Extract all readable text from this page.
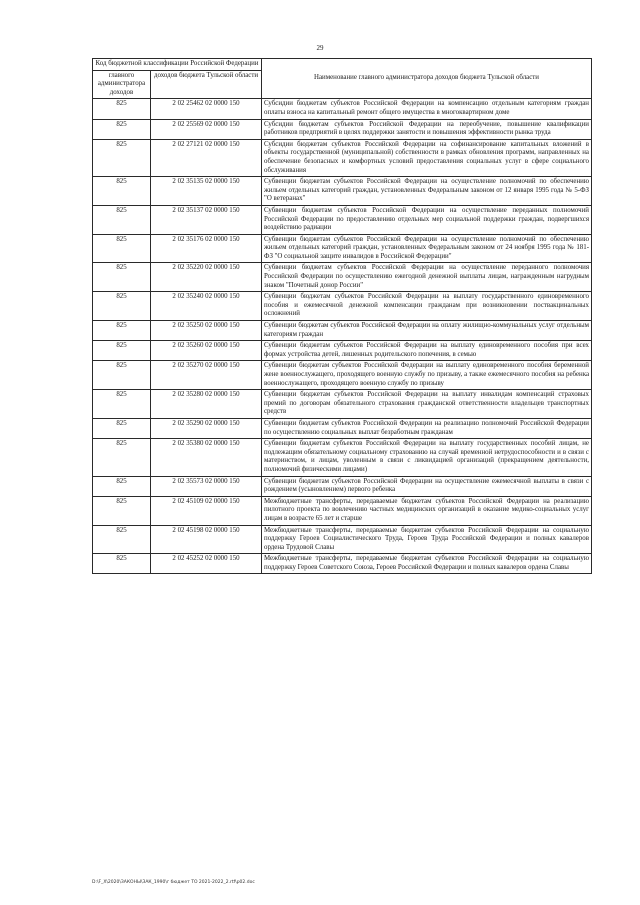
29
Код бюджетной классификации Российской Федерации		Наименование главного администратора доходов бюджета Тульской области
главного администратора доходов	доходов бюджета Тульской области	
825	2 02 25462 02 0000 150	Субсидии бюджетам субъектов Российской Федерации на компенсацию отдельным категориям граждан оплаты взноса на капитальный ремонт общего имущества в многоквартирном доме
825	2 02 25569 02 0000 150	Субсидии бюджетам субъектов Российской Федерации на переобучение, повышение квалификации работников предприятий в целях поддержки занятости и повышения эффективности рынка труда
825	2 02 27121 02 0000 150	Субсидии бюджетам субъектов Российской Федерации на софинансирование капитальных вложений в объекты государственной (муниципальной) собственности в рамках обновления программ, направленных на обеспечение безопасных и комфортных условий предоставления социальных услуг в сфере социального обслуживания
825	2 02 35135 02 0000 150	Субвенции бюджетам субъектов Российской Федерации на осуществление полномочий по обеспечению жильем отдельных категорий граждан, установленных Федеральным законом от 12 января 1995 года № 5-ФЗ "О ветеранах"
825	2 02 35137 02 0000 150	Субвенции бюджетам субъектов Российской Федерации на осуществление переданных полномочий Российской Федерации по предоставлению отдельных мер социальной поддержки граждан, подвергшихся воздействию радиации
825	2 02 35176 02 0000 150	Субвенции бюджетам субъектов Российской Федерации на осуществление полномочий по обеспечению жильем отдельных категорий граждан, установленных Федеральным законом от 24 ноября 1995 года № 181-ФЗ "О социальной защите инвалидов в Российской Федерации"
825	2 02 35220 02 0000 150	Субвенции бюджетам субъектов Российской Федерации на осуществление переданного полномочия Российской Федерации по осуществлению ежегодной денежной выплаты лицам, награжденным нагрудным знаком "Почетный донор России"
825	2 02 35240 02 0000 150	Субвенции бюджетам субъектов Российской Федерации на выплату государственного единовременного пособия и ежемесячной денежной компенсации гражданам при возникновении поствакцинальных осложнений
825	2 02 35250 02 0000 150	Субвенции бюджетам субъектов Российской Федерации на оплату жилищно-коммунальных услуг отдельным категориям граждан
825	2 02 35260 02 0000 150	Субвенции бюджетам субъектов Российской Федерации на выплату единовременного пособия при всех формах устройства детей, лишенных родительского попечения, в семью
825	2 02 35270 02 0000 150	Субвенции бюджетам субъектов Российской Федерации на выплату единовременного пособия беременной жене военнослужащего, проходящего военную службу по призыву, а также ежемесячного пособия на ребенка военнослужащего, проходящего военную службу по призыву
825	2 02 35280 02 0000 150	Субвенции бюджетам субъектов Российской Федерации на выплату инвалидам компенсаций страховых премий по договорам обязательного страхования гражданской ответственности владельцев транспортных средств
825	2 02 35290 02 0000 150	Субвенции бюджетам субъектов Российской Федерации на реализацию полномочий Российской Федерации по осуществлению социальных выплат безработным гражданам
825	2 02 35380 02 0000 150	Субвенции бюджетам субъектов Российской Федерации на выплату государственных пособий лицам, не подлежащим обязательному социальному страхованию на случай временной нетрудоспособности и в связи с материнством, и лицам, уволенным в связи с ликвидацией организаций (прекращением деятельности, полномочий физическими лицами)
825	2 02 35573 02 0000 150	Субвенции бюджетам субъектов Российской Федерации на осуществление ежемесячной выплаты в связи с рождением (усыновлением) первого ребенка
825	2 02 45109 02 0000 150	Межбюджетные трансферты, передаваемые бюджетам субъектов Российской Федерации на реализацию пилотного проекта по вовлечению частных медицинских организаций в оказание медико-социальных услуг лицам в возрасте 65 лет и старше
825	2 02 45198 02 0000 150	Межбюджетные трансферты, передаваемые бюджетам субъектов Российской Федерации на социальную поддержку Героев Социалистического Труда, Героев Труда Российской Федерации и полных кавалеров ордена Трудовой Славы
825	2 02 45252 02 0000 150	Межбюджетные трансферты, передаваемые бюджетам субъектов Российской Федерации на социальную поддержку Героев Советского Союза, Героев Российской Федерации и полных кавалеров ордена Славы
D:\F_X\2020\ЗАКОНЫ\ЗАК_1990\г бюджет ТО 2021-2022_2.rtf\p02.doc
